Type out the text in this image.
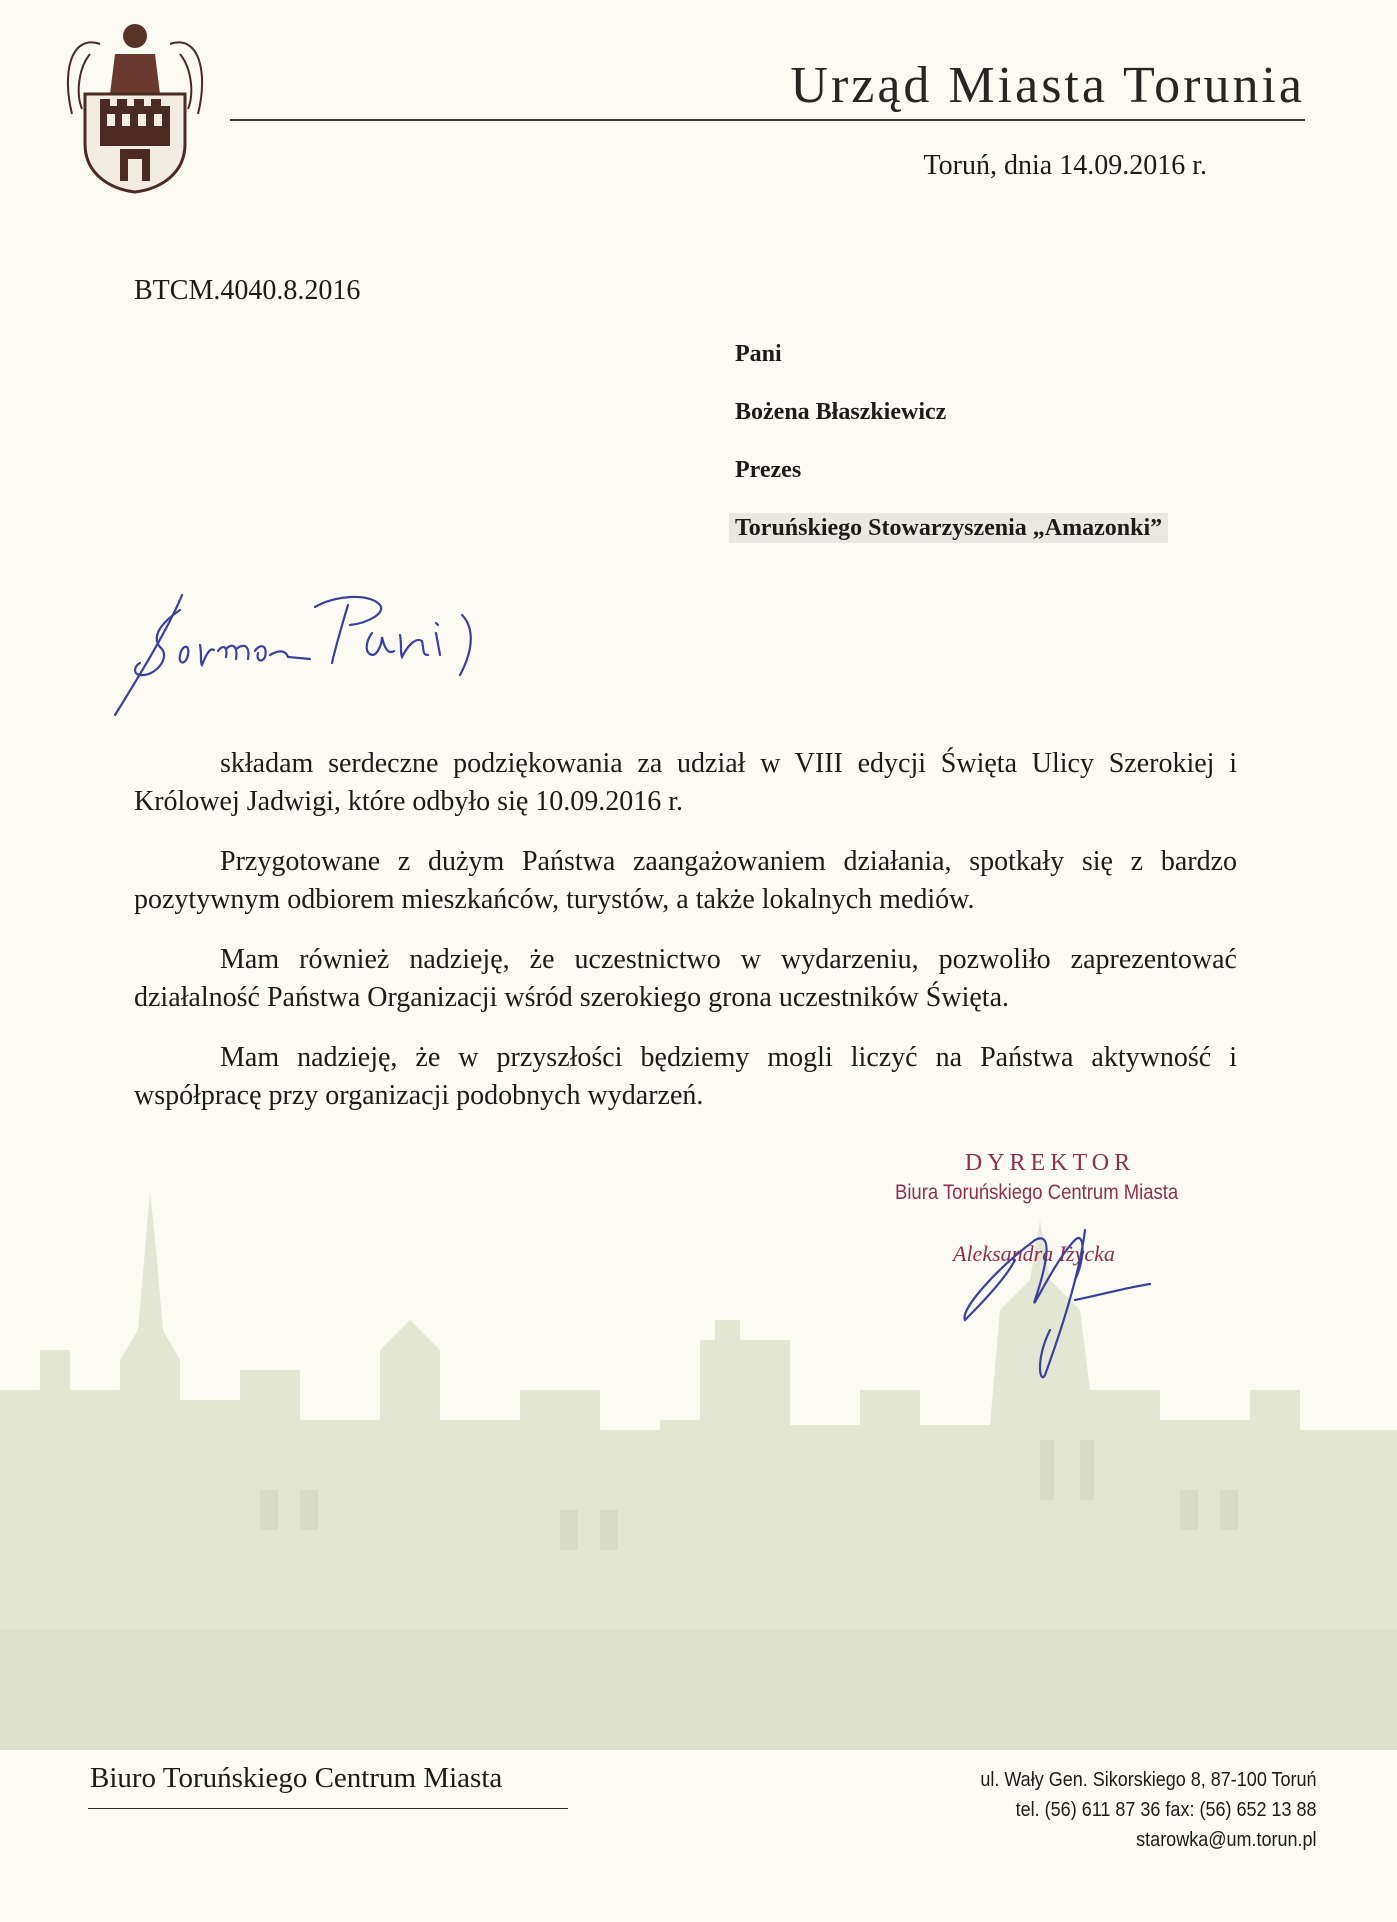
Urząd Miasta Torunia
Toruń, dnia 14.09.2016 r.
BTCM.4040.8.2016
Pani
Bożena Błaszkiewicz
Prezes
Toruńskiego Stowarzyszenia „Amazonki”

składam serdeczne podziękowania za udział w VIII edycji Święta Ulicy Szerokiej i Królowej Jadwigi, które odbyło się 10.09.2016 r.

Przygotowane z dużym Państwa zaangażowaniem działania, spotkały się z bardzo pozytywnym odbiorem mieszkańców, turystów, a także lokalnych mediów.

Mam również nadzieję, że uczestnictwo w wydarzeniu, pozwoliło zaprezentować działalność Państwa Organizacji wśród szerokiego grona uczestników Święta.

Mam nadzieję, że w przyszłości będziemy mogli liczyć na Państwa aktywność i współpracę przy organizacji podobnych wydarzeń.

DYREKTOR
Biura Toruńskiego Centrum Miasta
Aleksandra Iżycka
Biuro Toruńskiego Centrum Miasta	ul. Wały Gen. Sikorskiego 8, 87-100 Toruń
tel. (56) 611 87 36 fax: (56) 652 13 88
starowka@um.torun.pl
